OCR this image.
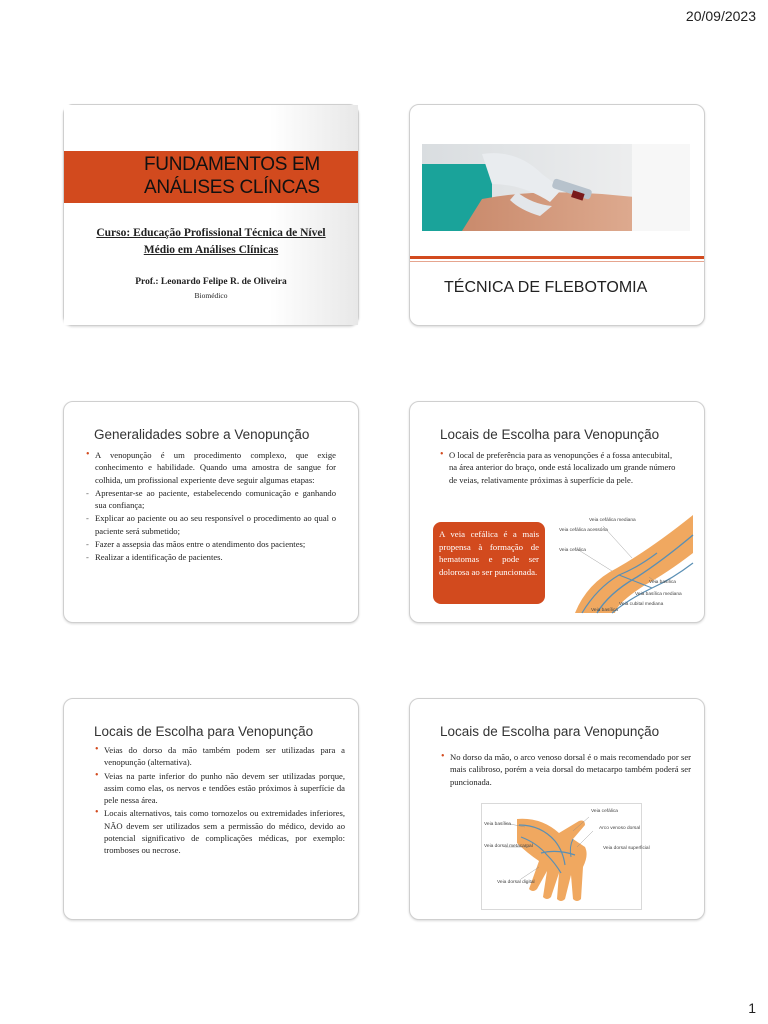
20/09/2023
FUNDAMENTOS EM
ANÁLISES CLÍNCAS
Curso: Educação Profissional Técnica de Nível
Médio em Análises Clínicas
Prof.: Leonardo Felipe R. de Oliveira
Biomédico	TÉCNICA DE FLEBOTOMIA
Generalidades sobre a Venopunção
• A venopunção é um procedimento complexo, que exige conhecimento e habilidade. Quando uma amostra de sangue for colhida, um profissional experiente deve seguir algumas etapas:
- Apresentar-se ao paciente, estabelecendo comunicação e ganhando sua confiança;
- Explicar ao paciente ou ao seu responsível o procedimento ao qual o paciente será submetido;
- Fazer a assepsia das mãos entre o atendimento dos pacientes;
- Realizar a identificação de pacientes.
Locais de Escolha para Venopunção
• O local de preferência para as venopunções é a fossa antecubital, na área anterior do braço, onde está localizado um grande número de veias, relativamente próximas à superfície da pele.
A veia cefálica é a mais propensa à formação de hematomas e pode ser dolorosa ao ser puncionada.
Veia cefálica mediana
Veia cefálica acessória
Veia cefálica
Veia basílica
Veia basílica mediana
Veia cubital mediana
Veia basílica
Locais de Escolha para Venopunção
• Veias do dorso da mão também podem ser utilizadas para a venopunção (alternativa).
• Veias na parte inferior do punho não devem ser utilizadas porque, assim como elas, os nervos e tendões estão próximos à superfície da pele nessa área.
• Locais alternativos, tais como tornozelos ou extremidades inferiores, NÃO devem ser utilizados sem a permissão do médico, devido ao potencial significativo de complicações médicas, por exemplo: tromboses ou necrose.
Locais de Escolha para Venopunção
• No dorso da mão, o arco venoso dorsal é o mais recomendado por ser mais calibroso, porém a veia dorsal do metacarpo também poderá ser puncionada.
Veia cefálica
Veia basílica
Arco venoso dorsal
Veia dorsal metacarpal	Veia dorsal superficial
Veia dorsal digital
1
